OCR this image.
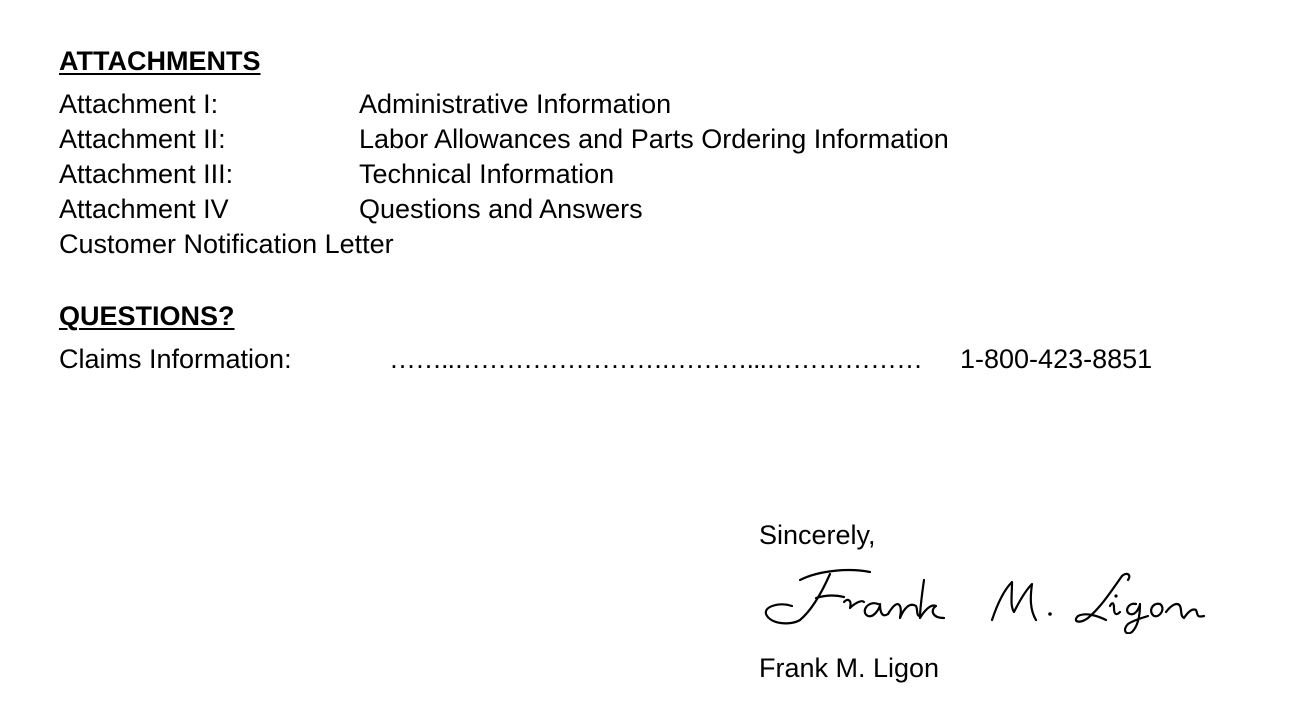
ATTACHMENTS
Attachment I:	Administrative Information
Attachment II:	Labor Allowances and Parts Ordering Information
Attachment III:	Technical Information
Attachment IV	Questions and Answers
Customer Notification Letter
QUESTIONS?
Claims Information:	……..…………………….………...……………… 1-800-423-8851
Sincerely,
Frank M. Ligon
